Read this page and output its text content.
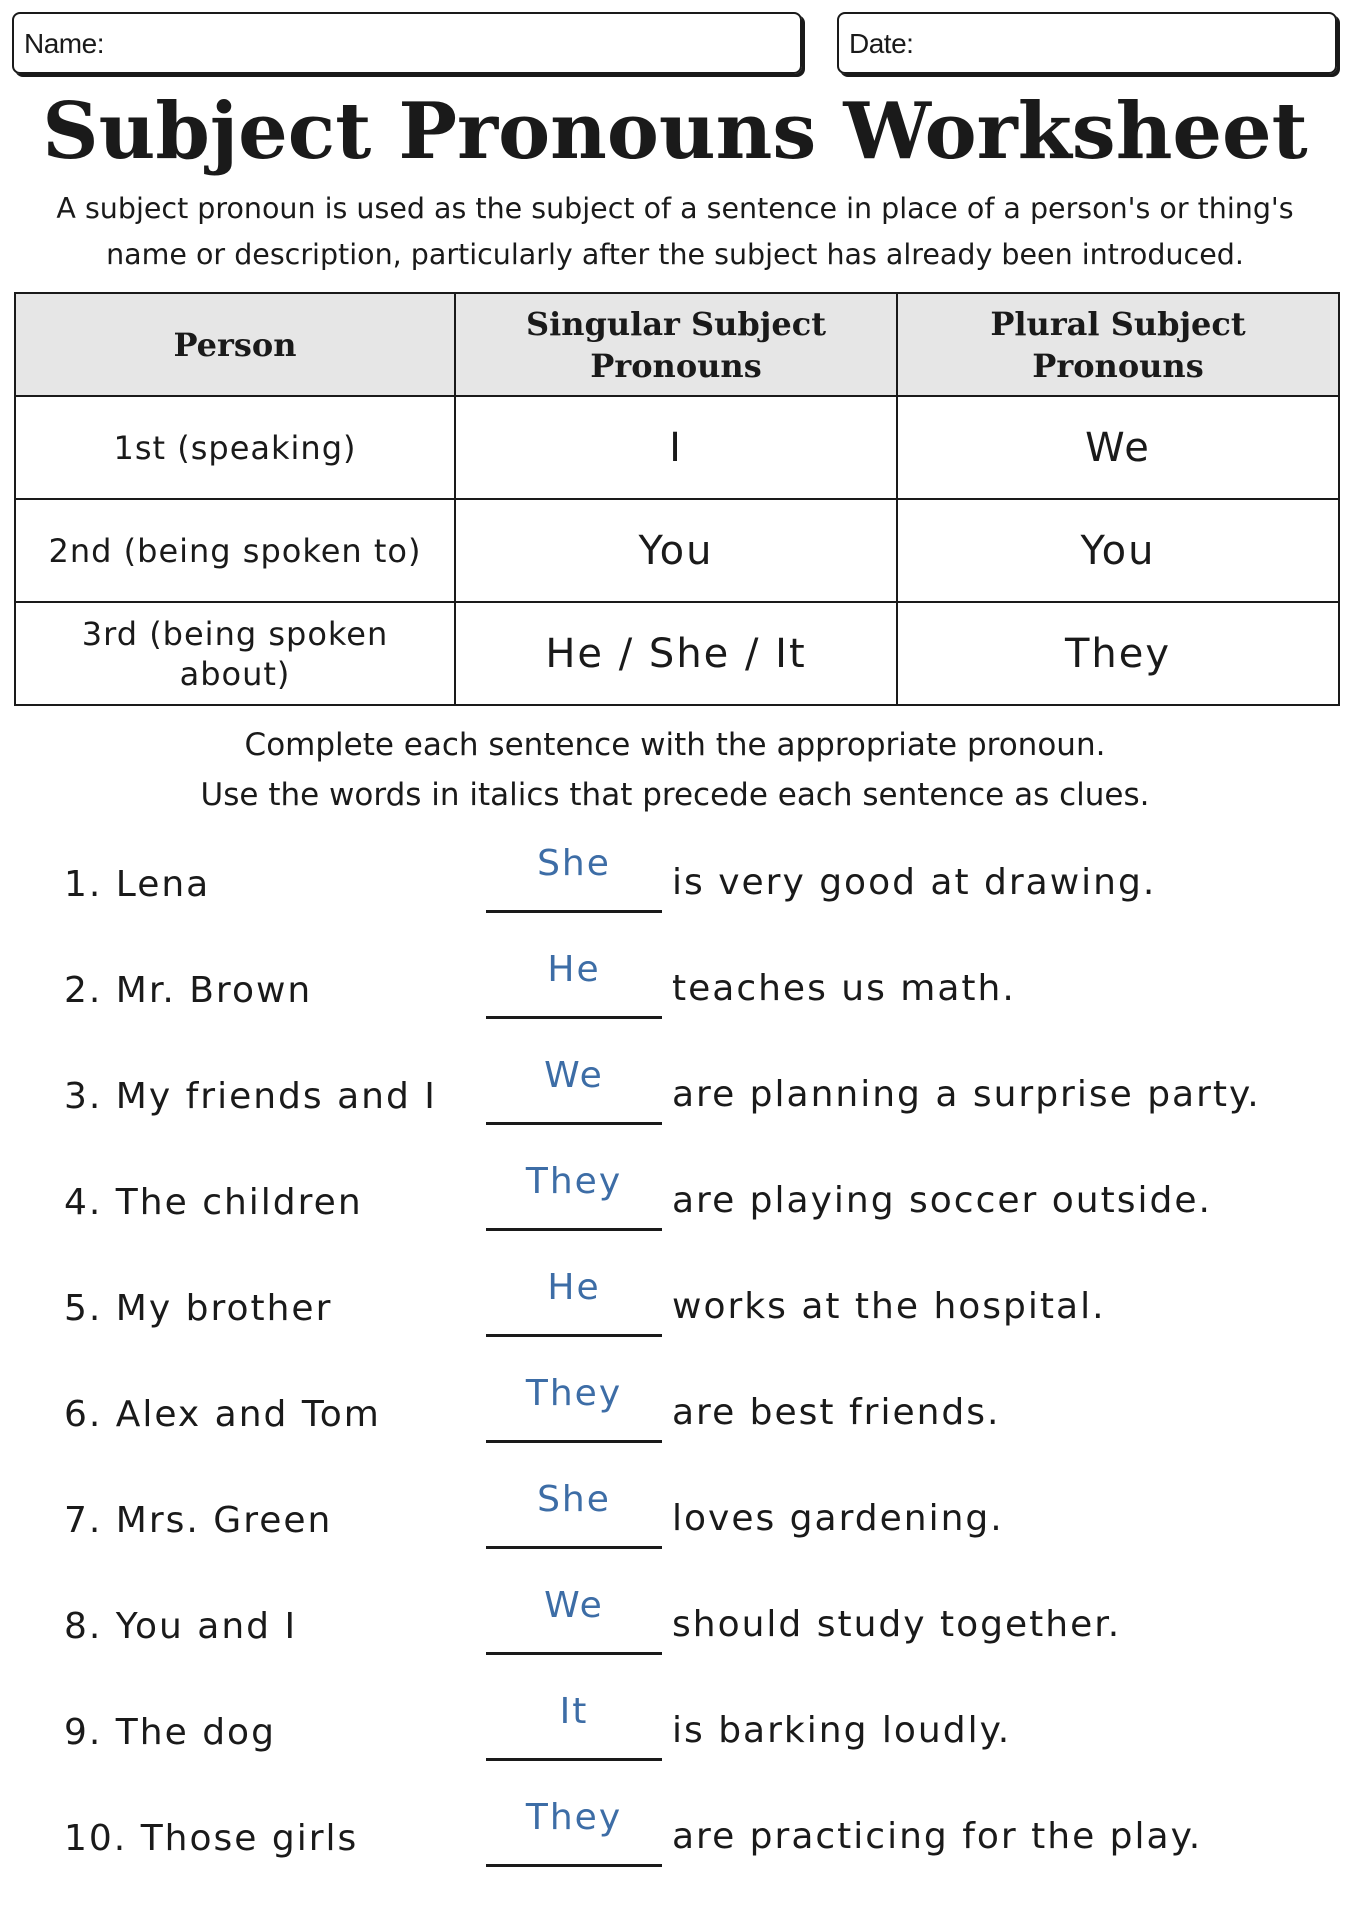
Name:	Date:
Subject Pronouns Worksheet
A subject pronoun is used as the subject of a sentence in place of a person's or thing's name or description, particularly after the subject has already been introduced.
Person	Singular Subject Pronouns	Plural Subject Pronouns
1st (speaking)	I	We
2nd (being spoken to)	You	You
3rd (being spoken about)	He / She / It	They
Complete each sentence with the appropriate pronoun.
Use the words in italics that precede each sentence as clues.
1. Lena
She	is very good at drawing.
2. Mr. Brown
He	teaches us math.
3. My friends and I
We	are planning a surprise party.
4. The children
They	are playing soccer outside.
5. My brother
He	works at the hospital.
6. Alex and Tom
They	are best friends.
7. Mrs. Green
She	loves gardening.
8. You and I
We	should study together.
9. The dog
It	is barking loudly.
10. Those girls
They	are practicing for the play.
